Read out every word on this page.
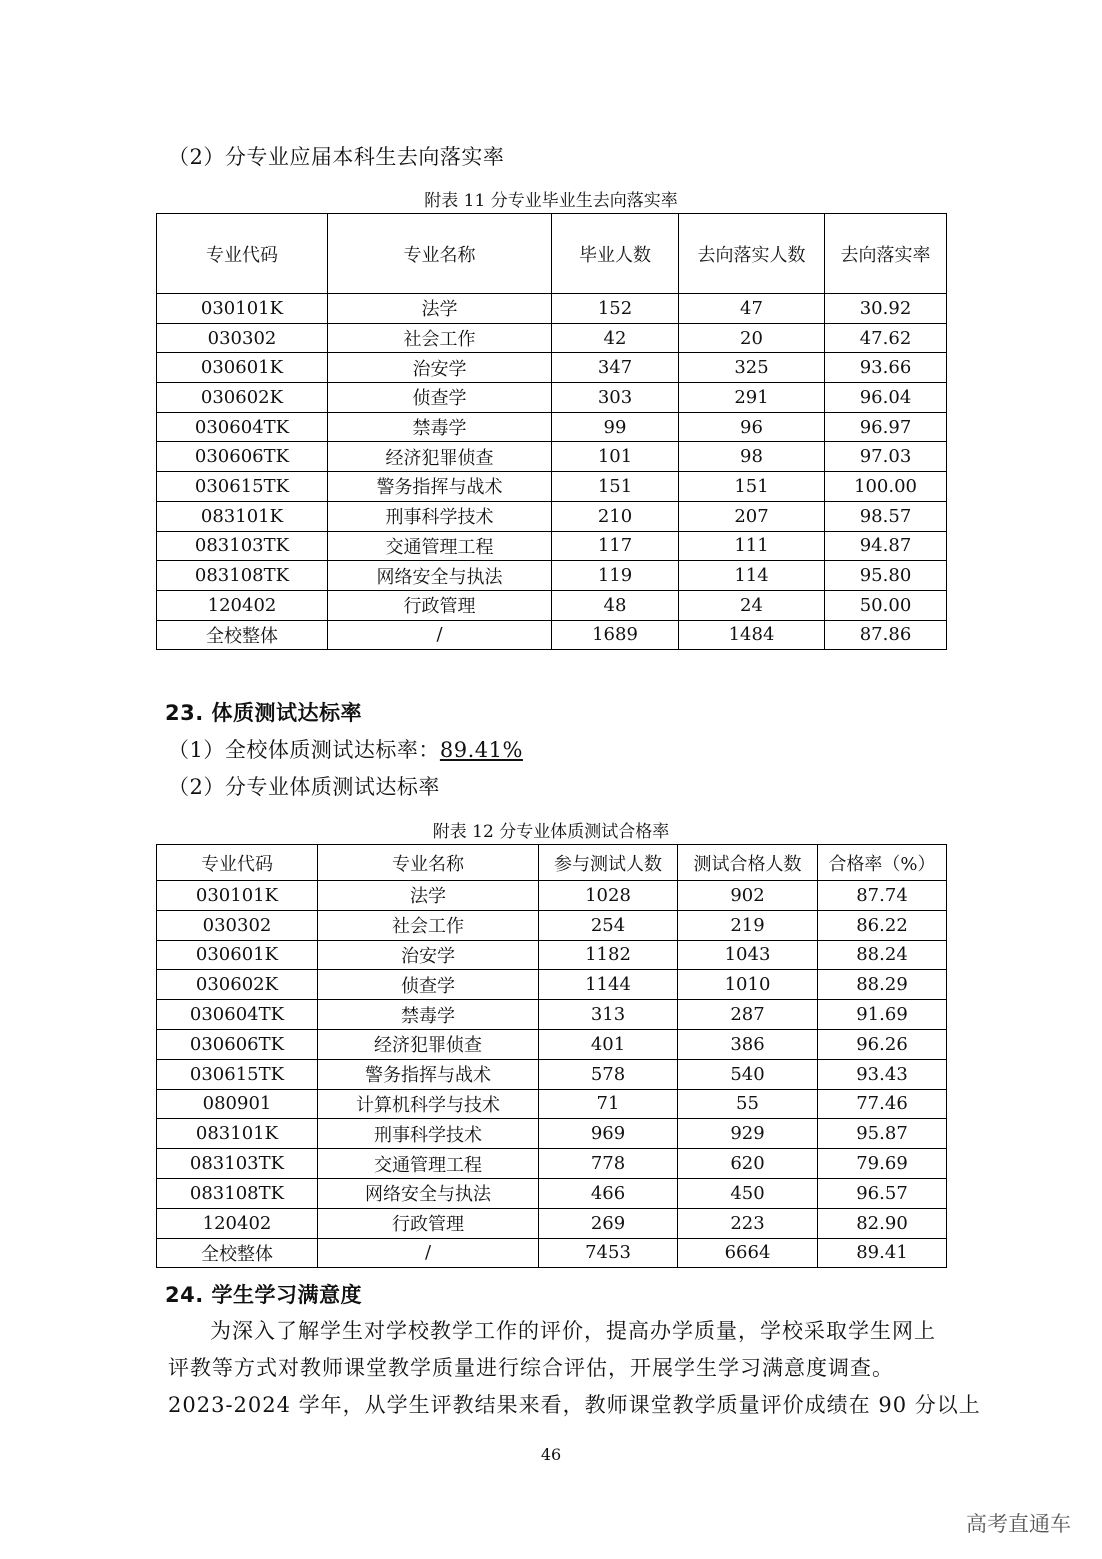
（2）分专业应届本科生去向落实率
附表 11 分专业毕业生去向落实率
专业代码	专业名称	毕业人数	去向落实人数	去向落实率
030101K	法学	152	47	30.92
030302	社会工作	42	20	47.62
030601K	治安学	347	325	93.66
030602K	侦查学	303	291	96.04
030604TK	禁毒学	99	96	96.97
030606TK	经济犯罪侦查	101	98	97.03
030615TK	警务指挥与战术	151	151	100.00
083101K	刑事科学技术	210	207	98.57
083103TK	交通管理工程	117	111	94.87
083108TK	网络安全与执法	119	114	95.80
120402	行政管理	48	24	50.00
全校整体	/	1689	1484	87.86
23. 体质测试达标率
（1）全校体质测试达标率：89.41%
（2）分专业体质测试达标率
附表 12 分专业体质测试合格率
专业代码	专业名称	参与测试人数	测试合格人数	合格率（%）
030101K	法学	1028	902	87.74
030302	社会工作	254	219	86.22
030601K	治安学	1182	1043	88.24
030602K	侦查学	1144	1010	88.29
030604TK	禁毒学	313	287	91.69
030606TK	经济犯罪侦查	401	386	96.26
030615TK	警务指挥与战术	578	540	93.43
080901	计算机科学与技术	71	55	77.46
083101K	刑事科学技术	969	929	95.87
083103TK	交通管理工程	778	620	79.69
083108TK	网络安全与执法	466	450	96.57
120402	行政管理	269	223	82.90
全校整体	/	7453	6664	89.41
24. 学生学习满意度
为深入了解学生对学校教学工作的评价，提高办学质量，学校采取学生网上
评教等方式对教师课堂教学质量进行综合评估，开展学生学习满意度调查。
2023-2024 学年，从学生评教结果来看，教师课堂教学质量评价成绩在 90 分以上
46
高考直通车
